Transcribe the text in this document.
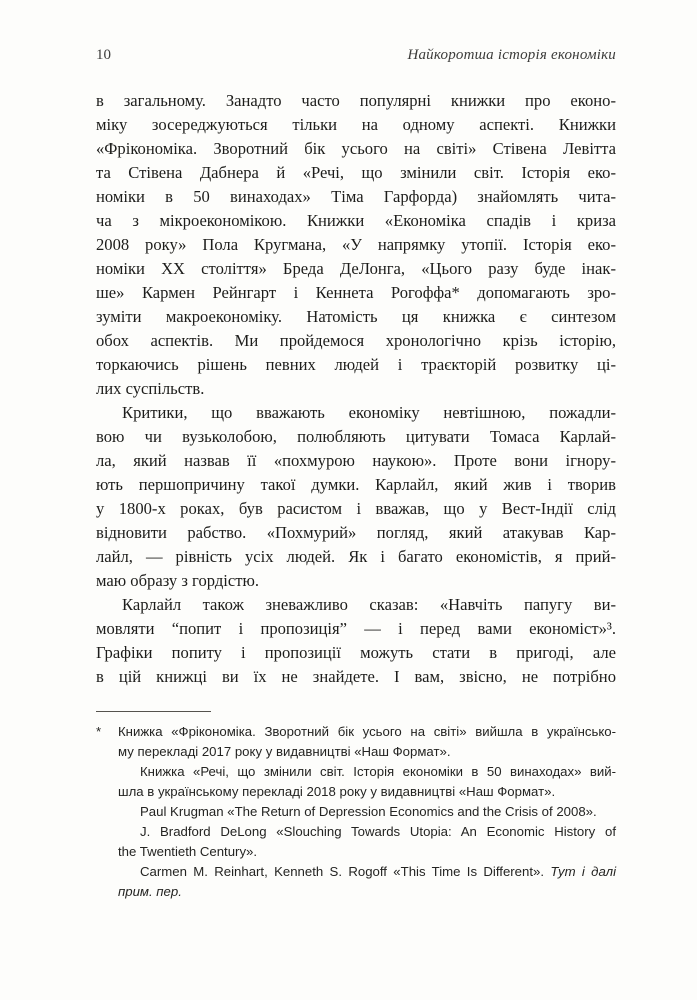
10	Найкоротша історія економіки
в загальному. Занадто часто популярні книжки про еконо-
міку зосереджуються тільки на одному аспекті. Книжки
«Фрікономіка. Зворотний бік усього на світі» Стівена Левітта
та Стівена Дабнера й «Речі, що змінили світ. Історія еко-
номіки в 50 винаходах» Тіма Гарфорда) знайомлять чита-
ча з мікроекономікою. Книжки «Економіка спадів і криза
2008 року» Пола Кругмана, «У напрямку утопії. Історія еко-
номіки XX століття» Бреда ДеЛонга, «Цього разу буде інак-
ше» Кармен Рейнгарт і Кеннета Рогоффа* допомагають зро-
зуміти макроекономіку. Натомість ця книжка є синтезом
обох аспектів. Ми пройдемося хронологічно крізь історію,
торкаючись рішень певних людей і траєкторій розвитку ці-
лих суспільств.
Критики, що вважають економіку невтішною, пожадли-
вою чи вузьколобою, полюбляють цитувати Томаса Карлай-
ла, який назвав її «похмурою наукою». Проте вони ігнору-
ють першопричину такої думки. Карлайл, який жив і творив
у 1800-х роках, був расистом і вважав, що у Вест-Індії слід
відновити рабство. «Похмурий» погляд, який атакував Кар-
лайл, — рівність усіх людей. Як і багато економістів, я прий-
маю образу з гордістю.
Карлайл також зневажливо сказав: «Навчіть папугу ви-
мовляти “попит і пропозиція” — і перед вами економіст»³.
Графіки попиту і пропозиції можуть стати в пригоді, але
в цій книжці ви їх не знайдете. І вам, звісно, не потрібно
* Книжка «Фрікономіка. Зворотний бік усього на світі» вийшла в українсько-
му перекладі 2017 року у видавництві «Наш Формат».
Книжка «Речі, що змінили світ. Історія економіки в 50 винаходах» вий-
шла в українському перекладі 2018 року у видавництві «Наш Формат».
Paul Krugman «The Return of Depression Economics and the Crisis of 2008».
J. Bradford DeLong «Slouching Towards Utopia: An Economic History of
the Twentieth Century».
Carmen M. Reinhart, Kenneth S. Rogoff «This Time Is Different». Тут і далі
прим. пер.
